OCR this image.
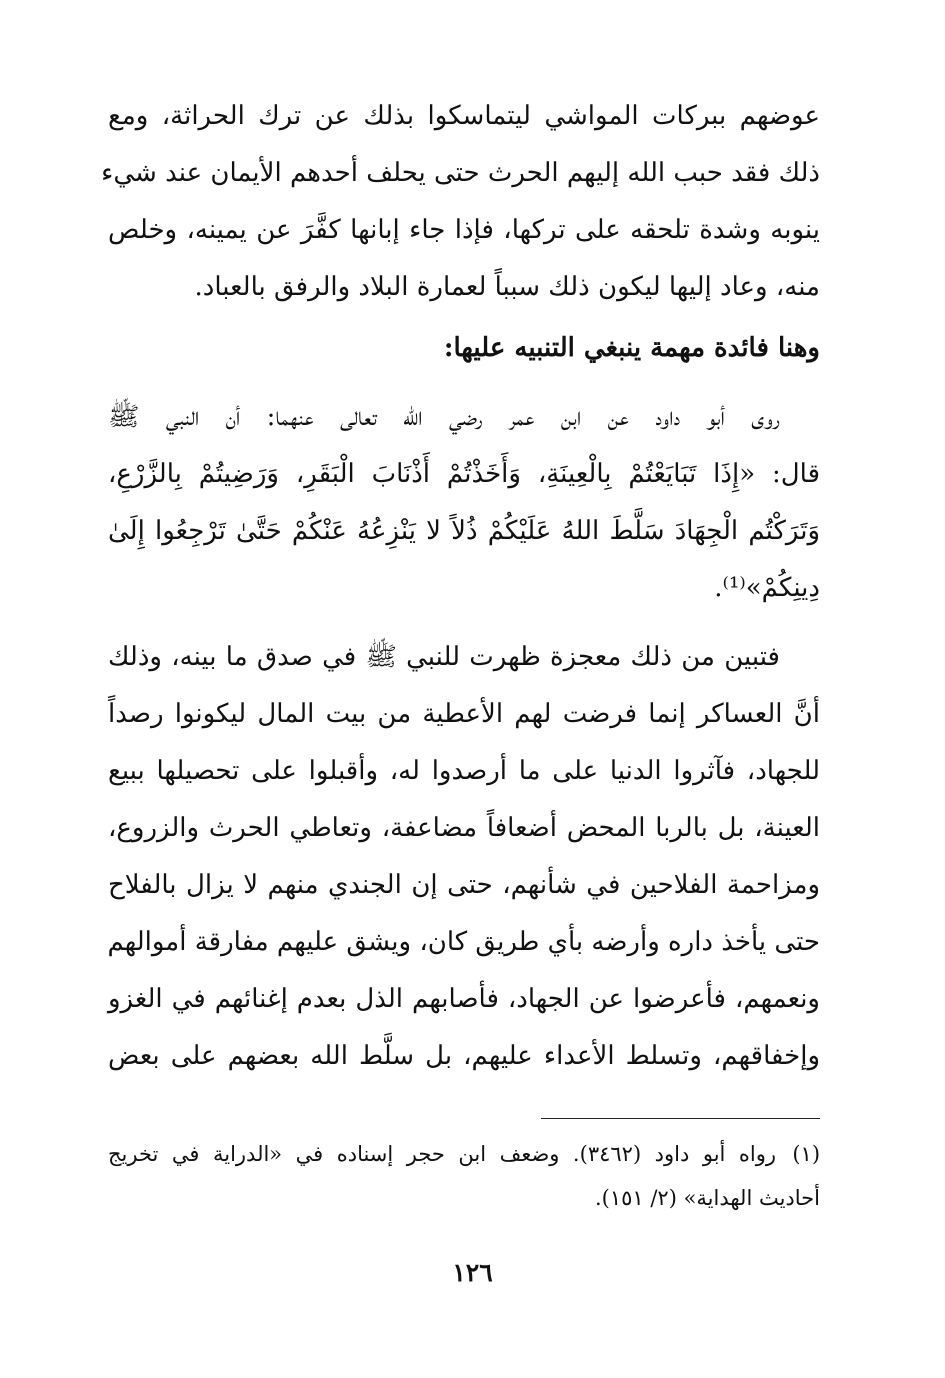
عوضهم ببركات المواشي ليتماسكوا بذلك عن ترك الحراثة، ومع
ذلك فقد حبب الله إليهم الحرث حتى يحلف أحدهم الأيمان عند شيء
ينوبه وشدة تلحقه على تركها، فإذا جاء إبانها كفَّرَ عن يمينه، وخلص
منه، وعاد إليها ليكون ذلك سبباً لعمارة البلاد والرفق بالعباد.
وهنا فائدة مهمة ينبغي التنبيه عليها:
روى أبو داود عن ابن عمر رضي الله تعالى عنهما: أن النبي ﷺ
قال: «إِذَا تَبَايَعْتُمْ بِالْعِينَةِ، وَأَخَذْتُمْ أَذْنَابَ الْبَقَرِ، وَرَضِيتُمْ بِالزَّرْعِ،
وَتَرَكْتُم الْجِهَادَ سَلَّطَ اللهُ عَلَيْكُمْ ذُلاً لا يَنْزِعُهُ عَنْكُمْ حَتَّىٰ تَرْجِعُوا إِلَىٰ
دِينِكُمْ»⁽¹⁾.
فتبين من ذلك معجزة ظهرت للنبي ﷺ في صدق ما بينه، وذلك
أنَّ العساكر إنما فرضت لهم الأعطية من بيت المال ليكونوا رصداً
للجهاد، فآثروا الدنيا على ما أرصدوا له، وأقبلوا على تحصيلها ببيع
العينة، بل بالربا المحض أضعافاً مضاعفة، وتعاطي الحرث والزروع،
ومزاحمة الفلاحين في شأنهم، حتى إن الجندي منهم لا يزال بالفلاح
حتى يأخذ داره وأرضه بأي طريق كان، ويشق عليهم مفارقة أموالهم
ونعمهم، فأعرضوا عن الجهاد، فأصابهم الذل بعدم إغنائهم في الغزو
وإخفاقهم، وتسلط الأعداء عليهم، بل سلَّط الله بعضهم على بعض
(١)رواه أبو داود (٣٤٦٢). وضعف ابن حجر إسناده في «الدراية في تخريج
أحاديث الهداية» (٢/ ١٥١).
١٢٦
